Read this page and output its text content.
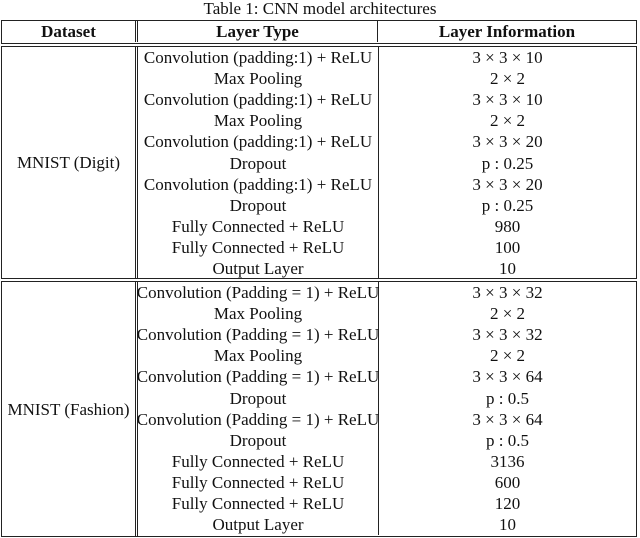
Table 1: CNN model architectures
Dataset	Layer Type	Layer Information
MNIST (Digit)
Convolution (padding:1) + ReLU	3 × 3 × 10
Max Pooling	2 × 2
Convolution (padding:1) + ReLU	3 × 3 × 10
Max Pooling	2 × 2
Convolution (padding:1) + ReLU	3 × 3 × 20
Dropout	p : 0.25
Convolution (padding:1) + ReLU	3 × 3 × 20
Dropout	p : 0.25
Fully Connected + ReLU	980
Fully Connected + ReLU	100
Output Layer	10
MNIST (Fashion)
Convolution (Padding = 1) + ReLU	3 × 3 × 32
Max Pooling	2 × 2
Convolution (Padding = 1) + ReLU	3 × 3 × 32
Max Pooling	2 × 2
Convolution (Padding = 1) + ReLU	3 × 3 × 64
Dropout	p : 0.5
Convolution (Padding = 1) + ReLU	3 × 3 × 64
Dropout	p : 0.5
Fully Connected + ReLU	3136
Fully Connected + ReLU	600
Fully Connected + ReLU	120
Output Layer	10
